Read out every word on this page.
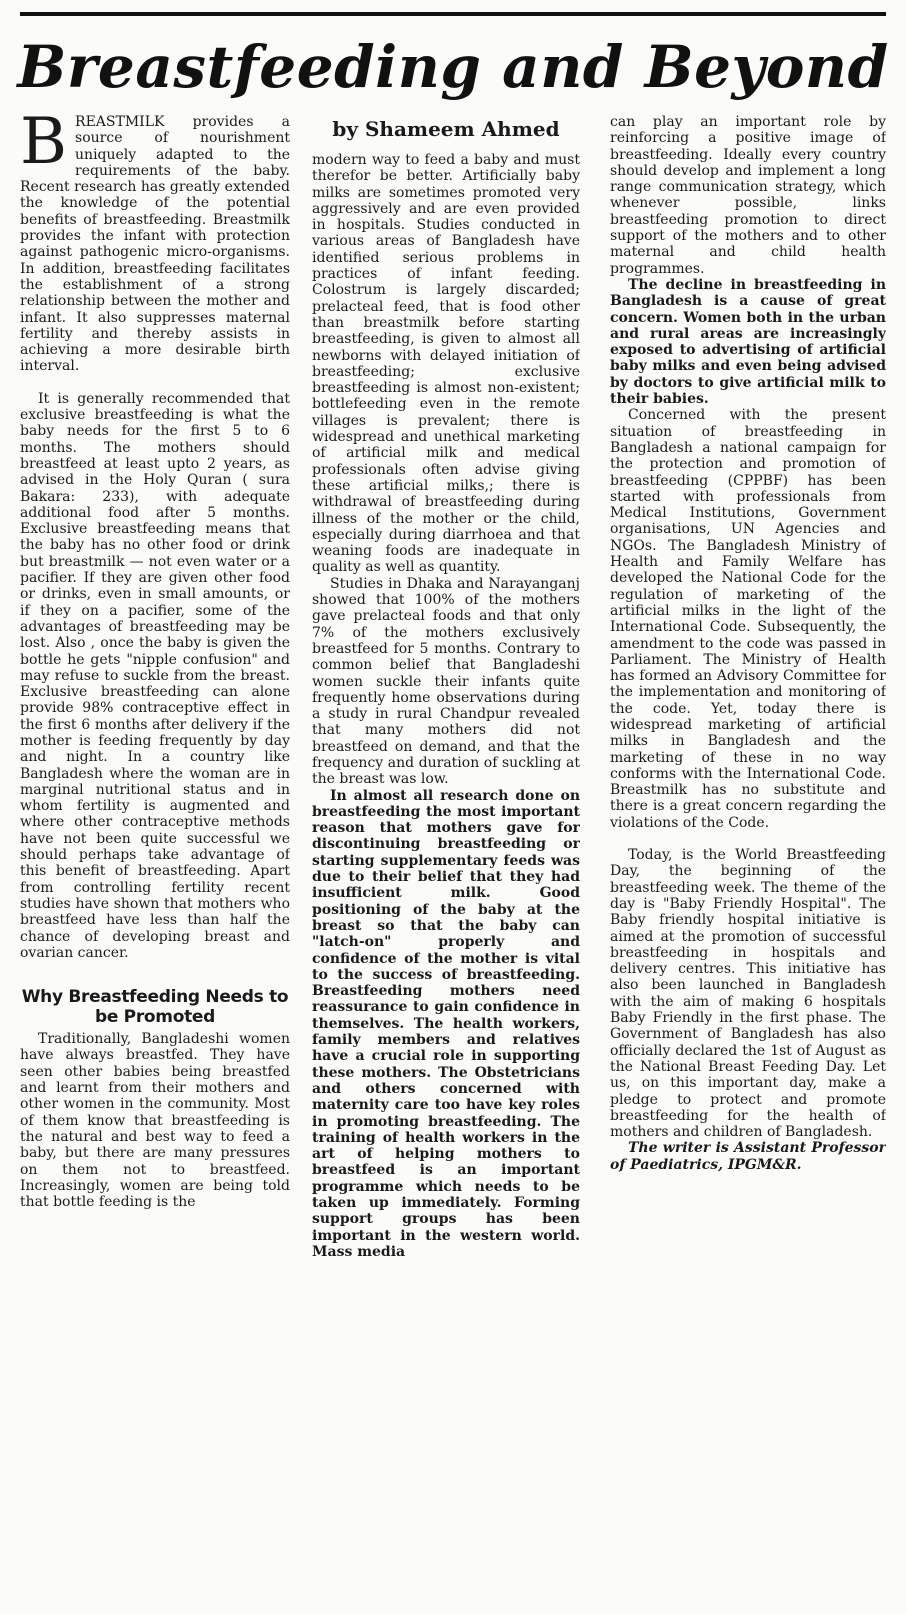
Breastfeeding and Beyond

BREASTMILK provides a source of nourishment uniquely adapted to the requirements of the baby. Recent research has greatly extended the knowledge of the potential benefits of breastfeeding. Breastmilk provides the infant with protection against pathogenic micro-organisms. In addition, breastfeeding facilitates the establishment of a strong relationship between the mother and infant. It also suppresses maternal fertility and thereby assists in achieving a more desirable birth interval.

It is generally recommended that exclusive breastfeeding is what the baby needs for the first 5 to 6 months. The mothers should breastfeed at least upto 2 years, as advised in the Holy Quran ( sura Bakara: 233), with adequate additional food after 5 months. Exclusive breastfeeding means that the baby has no other food or drink but breastmilk — not even water or a pacifier. If they are given other food or drinks, even in small amounts, or if they on a pacifier, some of the advantages of breastfeeding may be lost. Also , once the baby is given the bottle he gets "nipple confusion" and may refuse to suckle from the breast. Exclusive breastfeeding can alone provide 98% contraceptive effect in the first 6 months after delivery if the mother is feeding frequently by day and night. In a country like Bangladesh where the woman are in marginal nutritional status and in whom fertility is augmented and where other contraceptive methods have not been quite successful we should perhaps take advantage of this benefit of breastfeeding. Apart from controlling fertility recent studies have shown that mothers who breastfeed have less than half the chance of developing breast and ovarian cancer.

Why Breastfeeding Needs to be Promoted

Traditionally, Bangladeshi women have always breastfed. They have seen other babies being breastfed and learnt from their mothers and other women in the community. Most of them know that breastfeeding is the natural and best way to feed a baby, but there are many pressures on them not to breastfeed. Increasingly, women are being told that bottle feeding is the

by Shameem Ahmed

modern way to feed a baby and must therefor be better. Artificially baby milks are sometimes promoted very aggressively and are even provided in hospitals. Studies conducted in various areas of Bangladesh have identified serious problems in practices of infant feeding. Colostrum is largely discarded; prelacteal feed, that is food other than breastmilk before starting breastfeeding, is given to almost all newborns with delayed initiation of breastfeeding; exclusive breastfeeding is almost non-existent; bottlefeeding even in the remote villages is prevalent; there is widespread and unethical marketing of artificial milk and medical professionals often advise giving these artificial milks,; there is withdrawal of breastfeeding during illness of the mother or the child, especially during diarrhoea and that weaning foods are inadequate in quality as well as quantity.

Studies in Dhaka and Narayanganj showed that 100% of the mothers gave prelacteal foods and that only 7% of the mothers exclusively breastfeed for 5 months. Contrary to common belief that Bangladeshi women suckle their infants quite frequently home observations during a study in rural Chandpur revealed that many mothers did not breastfeed on demand, and that the frequency and duration of suckling at the breast was low.

In almost all research done on breastfeeding the most important reason that mothers gave for discontinuing breastfeeding or starting supplementary feeds was due to their belief that they had insufficient milk. Good positioning of the baby at the breast so that the baby can "latch-on" properly and confidence of the mother is vital to the success of breastfeeding. Breastfeeding mothers need reassurance to gain confidence in themselves. The health workers, family members and relatives have a crucial role in supporting these mothers. The Obstetricians and others concerned with maternity care too have key roles in promoting breastfeeding. The training of health workers in the art of helping mothers to breastfeed is an important programme which needs to be taken up immediately. Forming support groups has been important in the western world. Mass media

can play an important role by reinforcing a positive image of breastfeeding. Ideally every country should develop and implement a long range communication strategy, which whenever possible, links breastfeeding promotion to direct support of the mothers and to other maternal and child health programmes.

The decline in breastfeeding in Bangladesh is a cause of great concern. Women both in the urban and rural areas are increasingly exposed to advertising of artificial baby milks and even being advised by doctors to give artificial milk to their babies.

Concerned with the present situation of breastfeeding in Bangladesh a national campaign for the protection and promotion of breastfeeding (CPPBF) has been started with professionals from Medical Institutions, Government organisations, UN Agencies and NGOs. The Bangladesh Ministry of Health and Family Welfare has developed the National Code for the regulation of marketing of the artificial milks in the light of the International Code. Subsequently, the amendment to the code was passed in Parliament. The Ministry of Health has formed an Advisory Committee for the implementation and monitoring of the code. Yet, today there is widespread marketing of artificial milks in Bangladesh and the marketing of these in no way conforms with the International Code. Breastmilk has no substitute and there is a great concern regarding the violations of the Code.

Today, is the World Breastfeeding Day, the beginning of the breastfeeding week. The theme of the day is "Baby Friendly Hospital". The Baby friendly hospital initiative is aimed at the promotion of successful breastfeeding in hospitals and delivery centres. This initiative has also been launched in Bangladesh with the aim of making 6 hospitals Baby Friendly in the first phase. The Government of Bangladesh has also officially declared the 1st of August as the National Breast Feeding Day. Let us, on this important day, make a pledge to protect and promote breastfeeding for the health of mothers and children of Bangladesh.

The writer is Assistant Professor of Paediatrics, IPGM&R.
